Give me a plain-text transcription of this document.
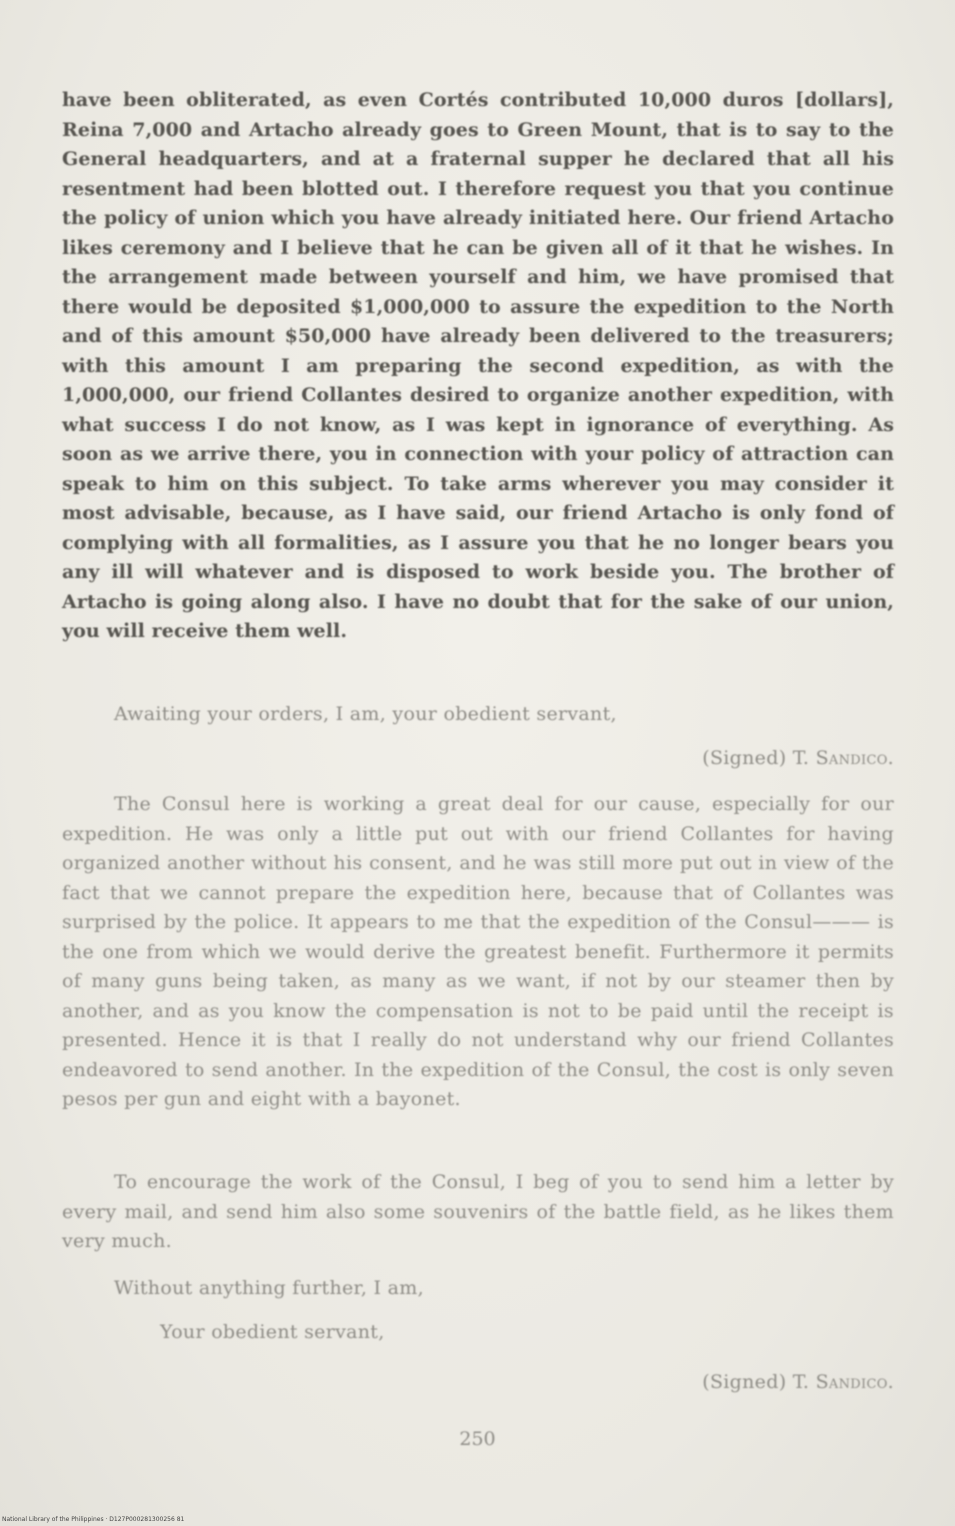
have been obliterated, as even Cortés contributed 10,000 duros [dollars], Reina 7,000 and Artacho already goes to Green Mount, that is to say to the General headquarters, and at a fraternal supper he declared that all his resentment had been blotted out. I therefore request you that you continue the policy of union which you have already initiated here. Our friend Artacho likes ceremony and I believe that he can be given all of it that he wishes. In the arrangement made between yourself and him, we have promised that there would be deposited $1,000,000 to assure the expedition to the North and of this amount $50,000 have already been delivered to the treasurers; with this amount I am preparing the second expedition, as with the 1,000,000, our friend Collantes desired to organize another expedition, with what success I do not know, as I was kept in ignorance of everything. As soon as we arrive there, you in connection with your policy of attraction can speak to him on this subject. To take arms wherever you may consider it most advisable, because, as I have said, our friend Artacho is only fond of complying with all formalities, as I assure you that he no longer bears you any ill will whatever and is disposed to work beside you. The brother of Artacho is going along also. I have no doubt that for the sake of our union, you will receive them well.

Awaiting your orders, I am, your obedient servant,

(Signed) T. Sandico.

The Consul here is working a great deal for our cause, especially for our expedition. He was only a little put out with our friend Collantes for having organized another without his consent, and he was still more put out in view of the fact that we cannot prepare the expedition here, because that of Collantes was surprised by the police. It appears to me that the expedition of the Consul——— is the one from which we would derive the greatest benefit. Furthermore it permits of many guns being taken, as many as we want, if not by our steamer then by another, and as you know the compensation is not to be paid until the receipt is presented. Hence it is that I really do not understand why our friend Collantes endeavored to send another. In the expedition of the Consul, the cost is only seven pesos per gun and eight with a bayonet.

To encourage the work of the Consul, I beg of you to send him a letter by every mail, and send him also some souvenirs of the battle field, as he likes them very much.

Without anything further, I am,

Your obedient servant,

(Signed) T. Sandico.

250
National Library of the Philippines · D127P000281300256 81
